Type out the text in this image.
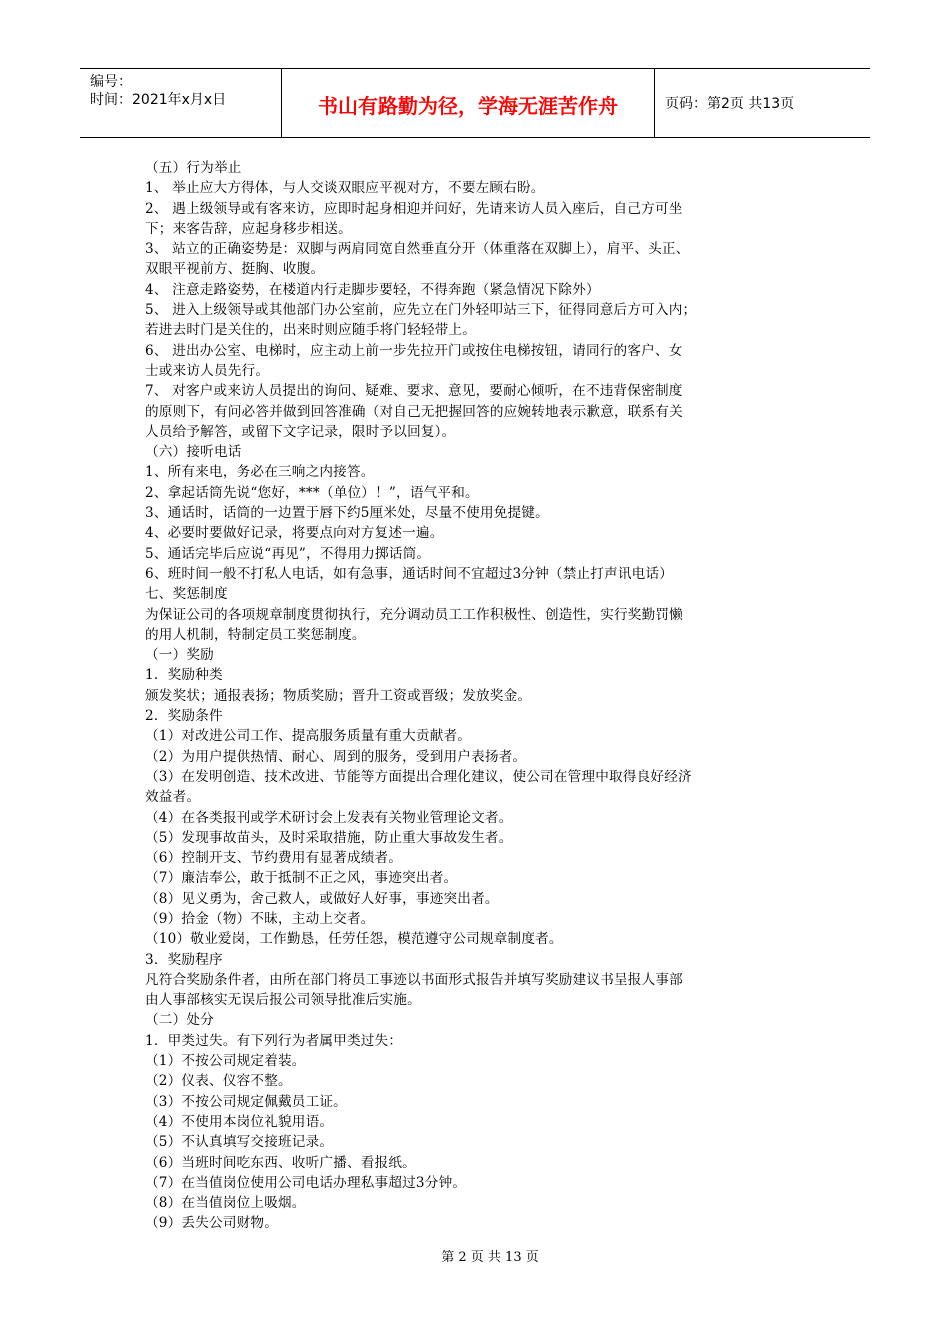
编号：
时间：2021年x月x日	书山有路勤为径，学海无涯苦作舟	页码：第2页 共13页

（五）行为举止

1、 举止应大方得体，与人交谈双眼应平视对方，不要左顾右盼。

2、 遇上级领导或有客来访，应即时起身相迎并问好，先请来访人员入座后，自己方可坐

下；来客告辞，应起身移步相送。

3、 站立的正确姿势是：双脚与两肩同宽自然垂直分开（体重落在双脚上），肩平、头正、

双眼平视前方、挺胸、收腹。

4、 注意走路姿势，在楼道内行走脚步要轻，不得奔跑（紧急情况下除外）

5、 进入上级领导或其他部门办公室前，应先立在门外轻叩站三下，征得同意后方可入内；

若进去时门是关住的，出来时则应随手将门轻轻带上。

6、 进出办公室、电梯时，应主动上前一步先拉开门或按住电梯按钮，请同行的客户、女

士或来访人员先行。

7、 对客户或来访人员提出的询问、疑难、要求、意见，要耐心倾听，在不违背保密制度

的原则下，有问必答并做到回答准确（对自己无把握回答的应婉转地表示歉意，联系有关

人员给予解答，或留下文字记录，限时予以回复）。

（六）接听电话

1、所有来电，务必在三响之内接答。

2、拿起话筒先说“您好，***（单位）！”，语气平和。

3、通话时，话筒的一边置于唇下约5厘米处，尽量不使用免提键。

4、必要时要做好记录，将要点向对方复述一遍。

5、通话完毕后应说“再见”，不得用力掷话筒。

6、班时间一般不打私人电话，如有急事，通话时间不宜超过3分钟（禁止打声讯电话）

七、奖惩制度

为保证公司的各项规章制度贯彻执行，充分调动员工工作积极性、创造性，实行奖勤罚懒

的用人机制，特制定员工奖惩制度。

（一）奖励

1．奖励种类

颁发奖状；通报表扬；物质奖励；晋升工资或晋级；发放奖金。

2．奖励条件

（1）对改进公司工作、提高服务质量有重大贡献者。

（2）为用户提供热情、耐心、周到的服务，受到用户表扬者。

（3）在发明创造、技术改进、节能等方面提出合理化建议，使公司在管理中取得良好经济

效益者。

（4）在各类报刊或学术研讨会上发表有关物业管理论文者。

（5）发现事故苗头，及时采取措施，防止重大事故发生者。

（6）控制开支、节约费用有显著成绩者。

（7）廉洁奉公，敢于抵制不正之风，事迹突出者。

（8）见义勇为，舍己救人，或做好人好事，事迹突出者。

（9）拾金（物）不昧，主动上交者。

（10）敬业爱岗，工作勤恳，任劳任怨，模范遵守公司规章制度者。

3．奖励程序

凡符合奖励条件者，由所在部门将员工事迹以书面形式报告并填写奖励建议书呈报人事部

由人事部核实无误后报公司领导批准后实施。

（二）处分

1．甲类过失。有下列行为者属甲类过失：

（1）不按公司规定着装。

（2）仪表、仪容不整。

（3）不按公司规定佩戴员工证。

（4）不使用本岗位礼貌用语。

（5）不认真填写交接班记录。

（6）当班时间吃东西、收听广播、看报纸。

（7）在当值岗位使用公司电话办理私事超过3分钟。

（8）在当值岗位上吸烟。

（9）丢失公司财物。

第 2 页 共 13 页
